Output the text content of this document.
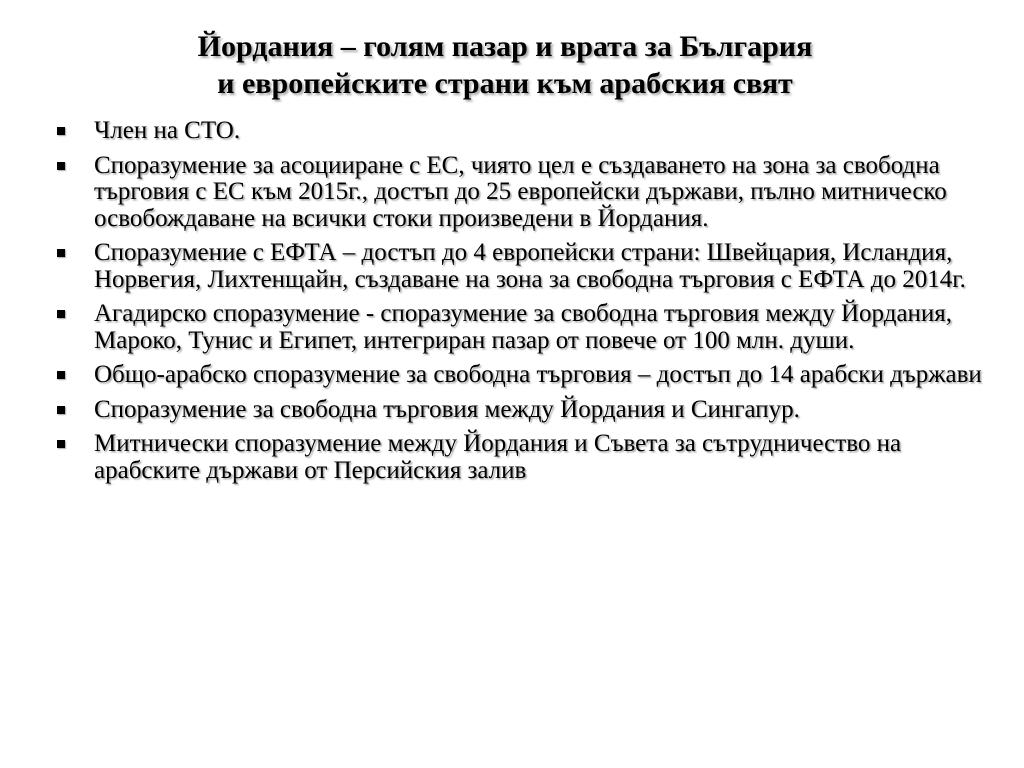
Йордания – голям пазар и врата за България
и европейските страни към арабския свят
Член на СТО.
Споразумение за асоцииране с ЕС, чиято цел е създаването на зона за свободна търговия с ЕС към 2015г., достъп до 25 европейски държави, пълно митническо освобождаване на всички стоки произведени в Йордания.
Споразумение с ЕФТА – достъп до 4 европейски страни: Швейцария, Исландия, Норвегия, Лихтенщайн, създаване на зона за свободна търговия с ЕФТА до 2014г.
Агадирско споразумение - споразумение за свободна търговия между Йордания, Мароко, Тунис и Египет, интегриран пазар от повече от 100 млн. души.
Общо-арабско споразумение за свободна търговия – достъп до 14 арабски държави
Споразумение за свободна търговия между Йордания и Сингапур.
Митнически споразумение между Йордания и Съвета за сътрудничество на арабските държави от Персийския залив
